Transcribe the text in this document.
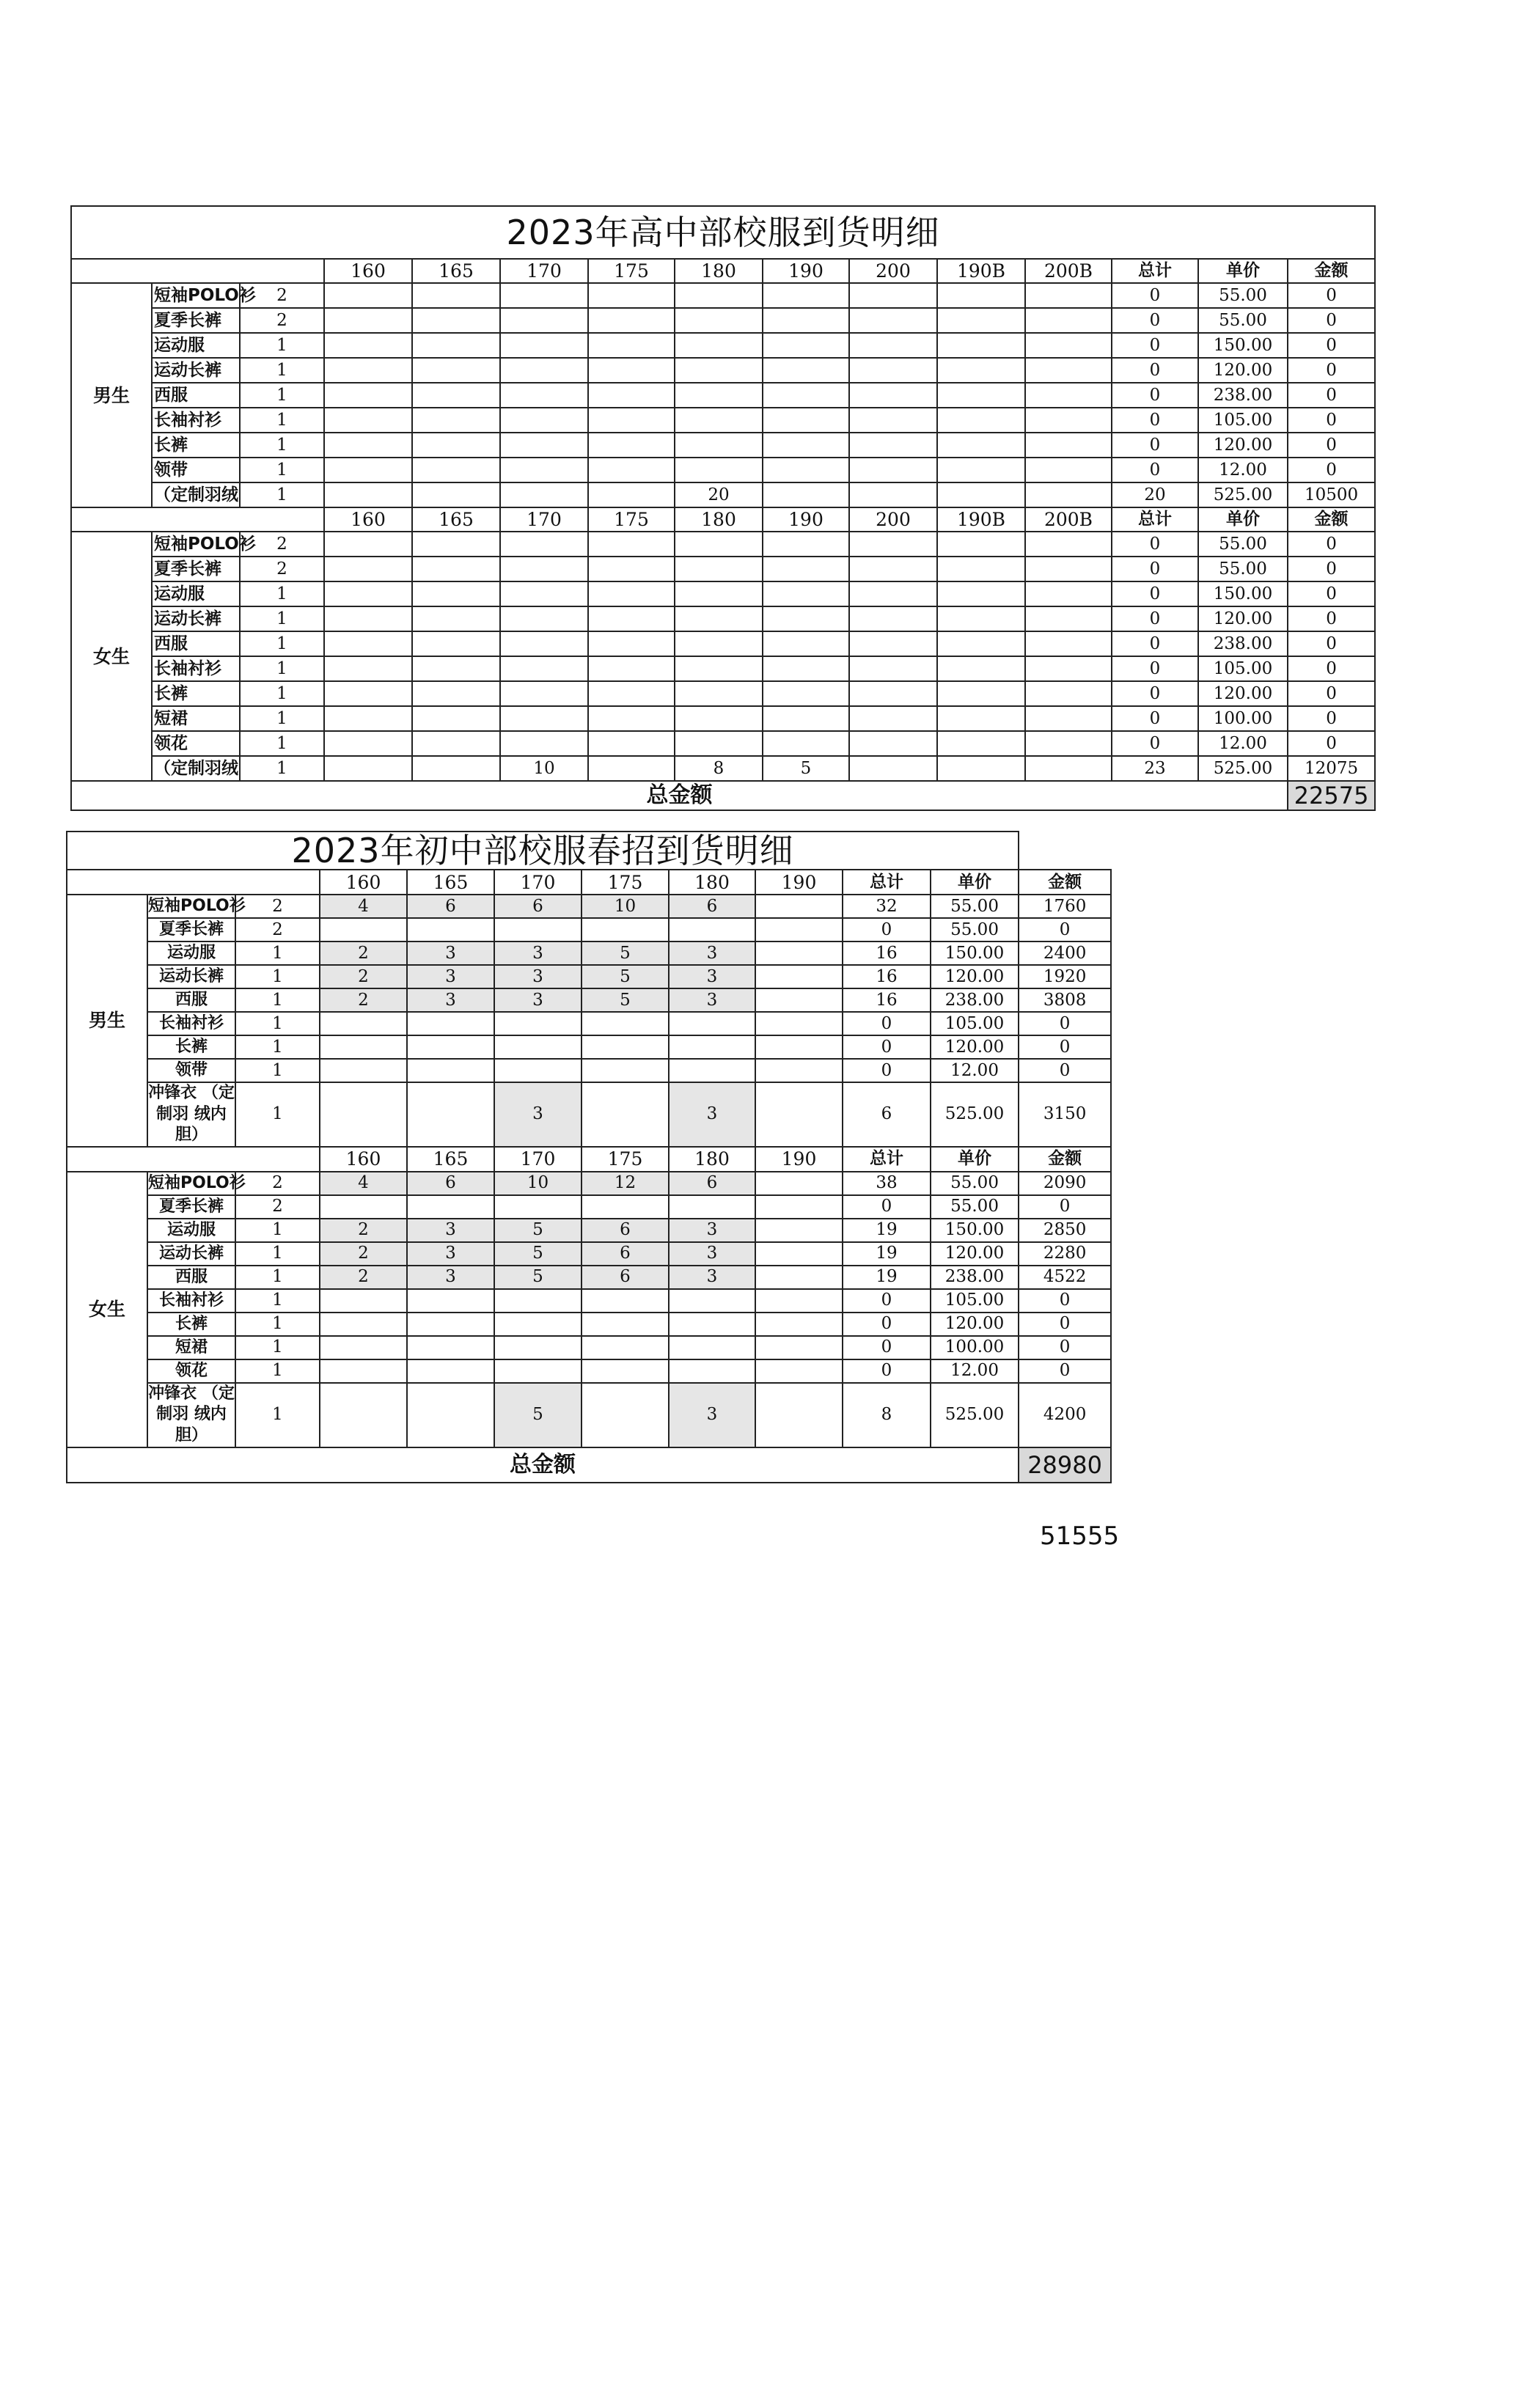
2023年高中部校服到货明细														
			160	165	170	175	180	190	200	190B	200B	总计	单价	金额
男生	短袖POLO衫	2										0	55.00	0
	夏季长裤	2										0	55.00	0
	运动服	1										0	150.00	0
	运动长裤	1										0	120.00	0
	西服	1										0	238.00	0
	长袖衬衫	1										0	105.00	0
	长裤	1										0	120.00	0
	领带	1										0	12.00	0
	（定制羽绒	1					20					20	525.00	10500
			160	165	170	175	180	190	200	190B	200B	总计	单价	金额
女生	短袖POLO衫	2										0	55.00	0
	夏季长裤	2										0	55.00	0
	运动服	1										0	150.00	0
	运动长裤	1										0	120.00	0
	西服	1										0	238.00	0
	长袖衬衫	1										0	105.00	0
	长裤	1										0	120.00	0
	短裙	1										0	100.00	0
	领花	1										0	12.00	0
	（定制羽绒	1			10		8	5				23	525.00	12075
总金额														22575
2023年初中部校服春招到货明细											
			160	165	170	175	180	190	总计	单价	金额
男生	短袖POLO衫	2	4	6	6	10	6		32	55.00	1760
	夏季长裤	2							0	55.00	0
	运动服	1	2	3	3	5	3		16	150.00	2400
	运动长裤	1	2	3	3	5	3		16	120.00	1920
	西服	1	2	3	3	5	3		16	238.00	3808
	长袖衬衫	1							0	105.00	0
	长裤	1							0	120.00	0
	领带	1							0	12.00	0
	冲锋衣 （定制羽 绒内胆）	1			3		3		6	525.00	3150
			160	165	170	175	180	190	总计	单价	金额
女生	短袖POLO衫	2	4	6	10	12	6		38	55.00	2090
	夏季长裤	2							0	55.00	0
	运动服	1	2	3	5	6	3		19	150.00	2850
	运动长裤	1	2	3	5	6	3		19	120.00	2280
	西服	1	2	3	5	6	3		19	238.00	4522
	长袖衬衫	1							0	105.00	0
	长裤	1							0	120.00	0
	短裙	1							0	100.00	0
	领花	1							0	12.00	0
	冲锋衣 （定制羽 绒内胆）	1			5		3		8	525.00	4200
总金额											28980
51555
